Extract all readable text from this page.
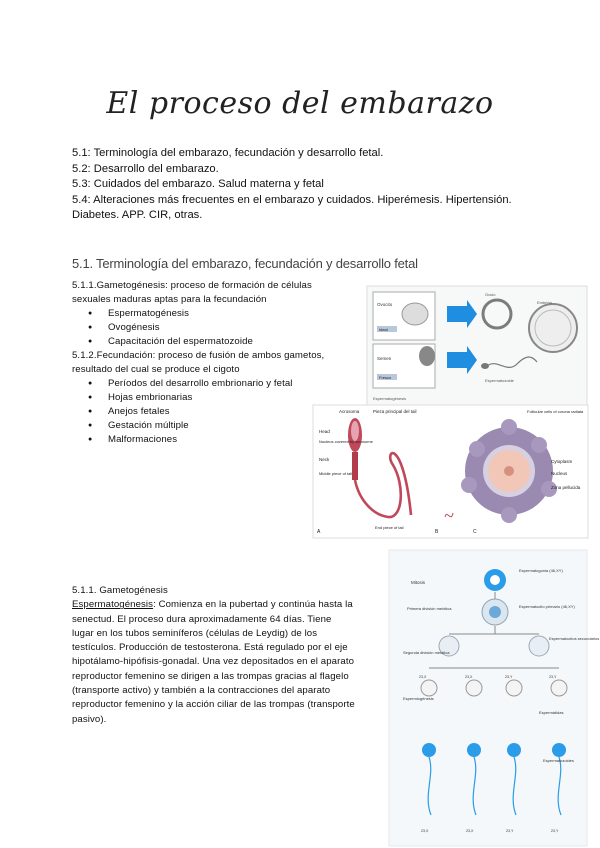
El proceso del embarazo
5.1: Terminología del embarazo, fecundación y desarrollo fetal.
5.2: Desarrollo del embarazo.
5.3: Cuidados del embarazo. Salud materna y fetal
5.4: Alteraciones más frecuentes en el embarazo y cuidados. Hiperémesis. Hipertensión.
Diabetes. APP. CIR, otras.
5.1. Terminología del embarazo, fecundación y desarrollo fetal

5.1.1.Gametogénesis: proceso de formación de células

sexuales maduras aptas para la fecundación

● Espermatogénesis
● Ovogénesis
● Capacitación del espermatozoide

5.1.2.Fecundación: proceso de fusión de ambos gametos,

resultado del cual se produce el cigoto

● Períodos del desarrollo embrionario y fetal
● Hojas embrionarias
● Anejos fetales
● Gestación múltiple
● Malformaciones
Ovocito
Ideal
Semen
Fresco
Ovulo
Embrión
Espermatozoide
Espermatogénesis
Acrosoma	Pieza principal del tail
Head
Nucleus covered by acrosome
Neck
Middle piece of tail
End piece of tail
A	B
Follicular cells of corona radiata
Cytoplasm
Nucleus
Zona pellucida
C

5.1.1. Gametogénesis

Espermatogénesis: Comienza en la pubertad y continúa hasta la

senectud. El proceso dura aproximadamente 64 días. Tiene

lugar en los tubos seminíferos (células de Leydig) de los

testículos. Producción de testosterona. Está regulado por el eje

hipotálamo-hipófisis-gonadal. Una vez depositados en el aparato

reproductor femenino se dirigen a las trompas gracias al flagelo

(transporte activo) y también a la contracciones del aparato

reproductor femenino y la acción ciliar de las trompas (transporte

pasivo).

Espermatogonia (46,XY)
Mitosis
Espermatocito primario (46,XY)
Primera división meiótica
Espermatocitos secundarios
Segunda división meiótica
23,X	23,X	23,Y	23,Y
Espermátidas
Espermiogénesis
Espermatozoides
23,X	23,X	23,Y	23,Y
